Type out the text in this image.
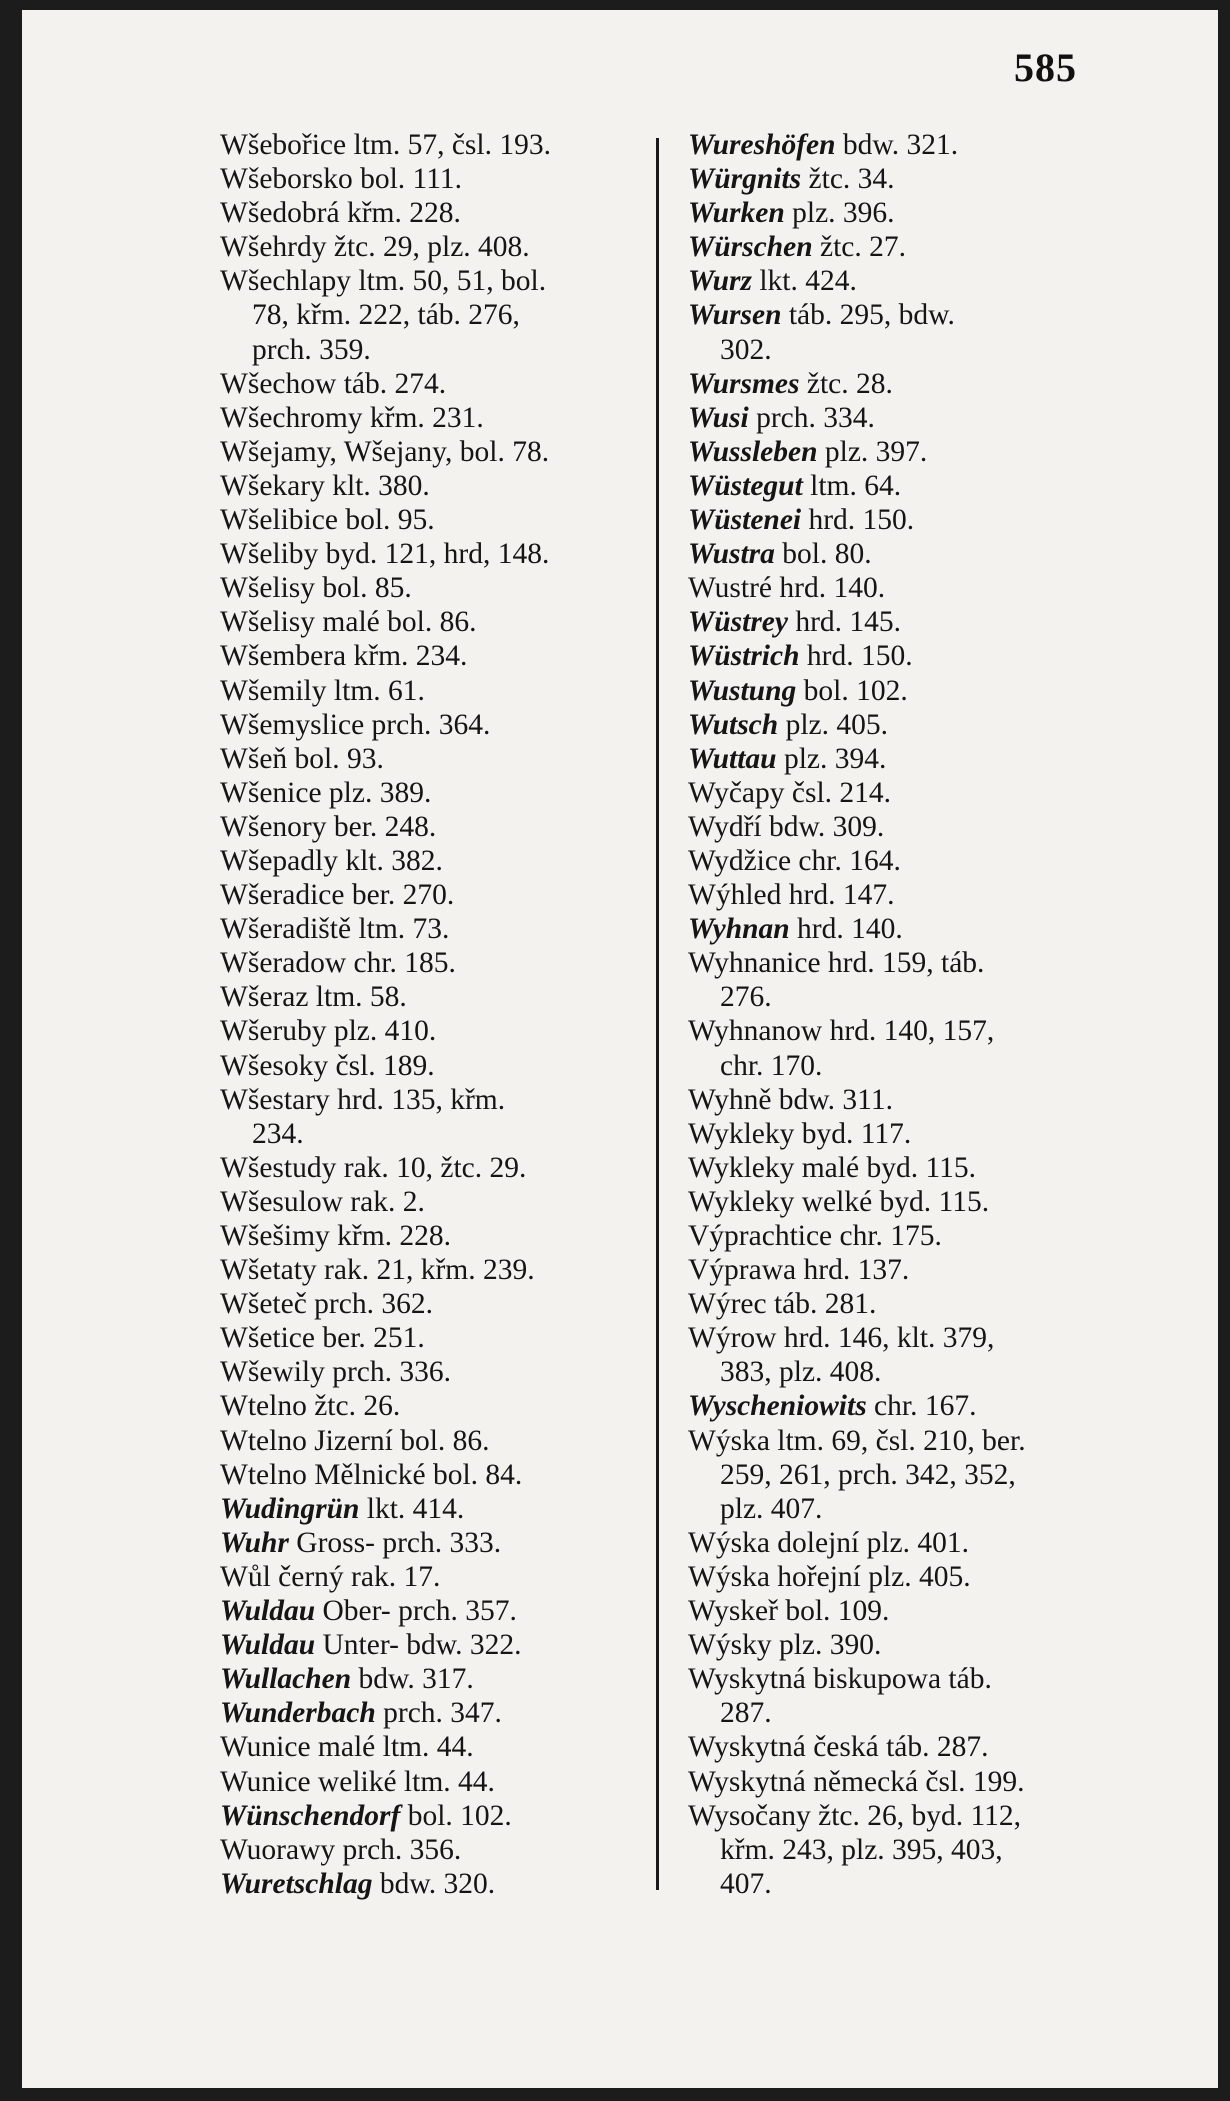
585
Wšebořice ltm. 57, čsl. 193.
Wšeborsko bol. 111.
Wšedobrá křm. 228.
Wšehrdy žtc. 29, plz. 408.
Wšechlapy ltm. 50, 51, bol.
78, křm. 222, táb. 276,
prch. 359.
Wšechow táb. 274.
Wšechromy křm. 231.
Wšejamy, Wšejany, bol. 78.
Wšekary klt. 380.
Wšelibice bol. 95.
Wšeliby byd. 121, hrd, 148.
Wšelisy bol. 85.
Wšelisy malé bol. 86.
Wšembera křm. 234.
Wšemily ltm. 61.
Wšemyslice prch. 364.
Wšeň bol. 93.
Wšenice plz. 389.
Wšenory ber. 248.
Wšepadly klt. 382.
Wšeradice ber. 270.
Wšeradiště ltm. 73.
Wšeradow chr. 185.
Wšeraz ltm. 58.
Wšeruby plz. 410.
Wšesoky čsl. 189.
Wšestary hrd. 135, křm.
234.
Wšestudy rak. 10, žtc. 29.
Wšesulow rak. 2.
Wšešimy křm. 228.
Wšetaty rak. 21, křm. 239.
Wšeteč prch. 362.
Wšetice ber. 251.
Wšewily prch. 336.
Wtelno žtc. 26.
Wtelno Jizerní bol. 86.
Wtelno Mělnické bol. 84.
Wudingrün lkt. 414.
Wuhr Gross- prch. 333.
Wůl černý rak. 17.
Wuldau Ober- prch. 357.
Wuldau Unter- bdw. 322.
Wullachen bdw. 317.
Wunderbach prch. 347.
Wunice malé ltm. 44.
Wunice weliké ltm. 44.
Wünschendorf bol. 102.
Wuorawy prch. 356.
Wuretschlag bdw. 320.
Wureshöfen bdw. 321.
Würgnits žtc. 34.
Wurken plz. 396.
Würschen žtc. 27.
Wurz lkt. 424.
Wursen táb. 295, bdw.
302.
Wursmes žtc. 28.
Wusi prch. 334.
Wussleben plz. 397.
Wüstegut ltm. 64.
Wüstenei hrd. 150.
Wustra bol. 80.
Wustré hrd. 140.
Wüstrey hrd. 145.
Wüstrich hrd. 150.
Wustung bol. 102.
Wutsch plz. 405.
Wuttau plz. 394.
Wyčapy čsl. 214.
Wydří bdw. 309.
Wydžice chr. 164.
Wýhled hrd. 147.
Wyhnan hrd. 140.
Wyhnanice hrd. 159, táb.
276.
Wyhnanow hrd. 140, 157,
chr. 170.
Wyhně bdw. 311.
Wykleky byd. 117.
Wykleky malé byd. 115.
Wykleky welké byd. 115.
Výprachtice chr. 175.
Výprawa hrd. 137.
Wýrec táb. 281.
Wýrow hrd. 146, klt. 379,
383, plz. 408.
Wyscheniowits chr. 167.
Wýska ltm. 69, čsl. 210, ber.
259, 261, prch. 342, 352,
plz. 407.
Wýska dolejní plz. 401.
Wýska hořejní plz. 405.
Wyskeř bol. 109.
Wýsky plz. 390.
Wyskytná biskupowa táb.
287.
Wyskytná česká táb. 287.
Wyskytná německá čsl. 199.
Wysočany žtc. 26, byd. 112,
křm. 243, plz. 395, 403,
407.
